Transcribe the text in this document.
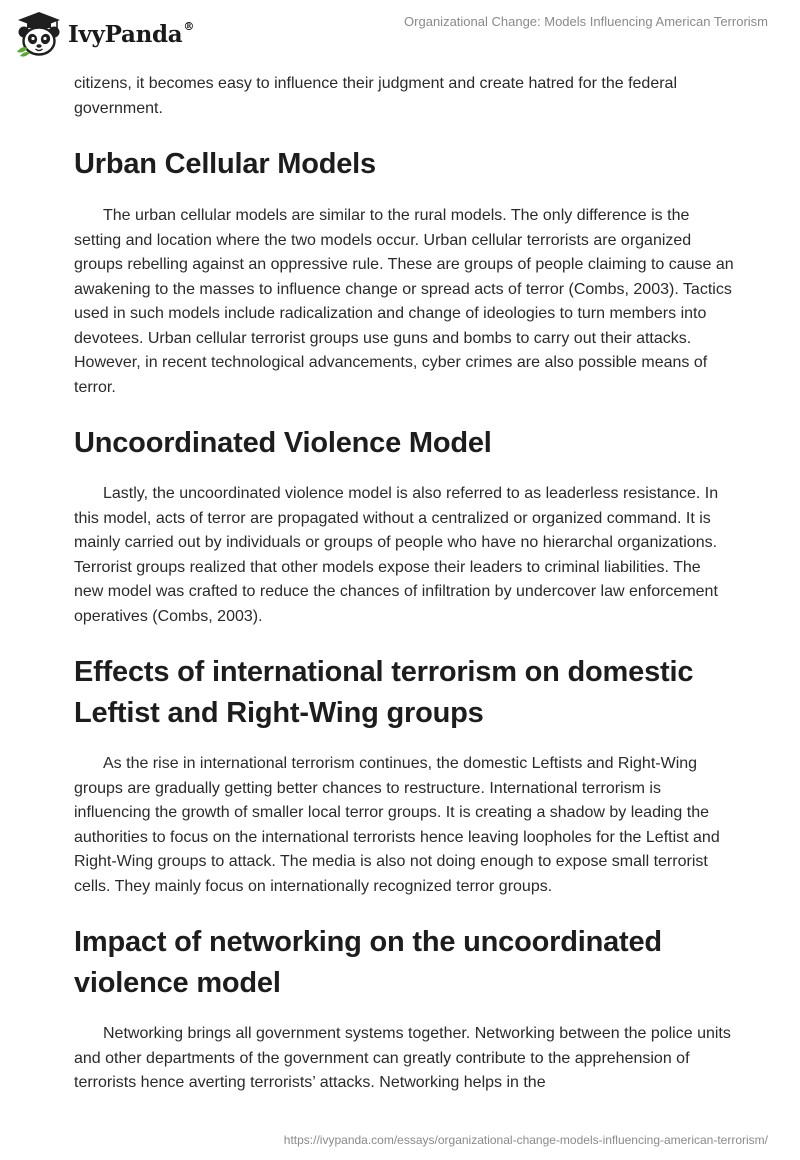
IvyPanda®	Organizational Change: Models Influencing American Terrorism

citizens, it becomes easy to influence their judgment and create hatred for the federal government.

Urban Cellular Models

The urban cellular models are similar to the rural models. The only difference is the setting and location where the two models occur. Urban cellular terrorists are organized groups rebelling against an oppressive rule. These are groups of people claiming to cause an awakening to the masses to influence change or spread acts of terror (Combs, 2003). Tactics used in such models include radicalization and change of ideologies to turn members into devotees. Urban cellular terrorist groups use guns and bombs to carry out their attacks. However, in recent technological advancements, cyber crimes are also possible means of terror.

Uncoordinated Violence Model

Lastly, the uncoordinated violence model is also referred to as leaderless resistance. In this model, acts of terror are propagated without a centralized or organized command. It is mainly carried out by individuals or groups of people who have no hierarchal organizations. Terrorist groups realized that other models expose their leaders to criminal liabilities. The new model was crafted to reduce the chances of infiltration by undercover law enforcement operatives (Combs, 2003).

Effects of international terrorism on domestic Leftist and Right-Wing groups

As the rise in international terrorism continues, the domestic Leftists and Right-Wing groups are gradually getting better chances to restructure. International terrorism is influencing the growth of smaller local terror groups. It is creating a shadow by leading the authorities to focus on the international terrorists hence leaving loopholes for the Leftist and Right-Wing groups to attack. The media is also not doing enough to expose small terrorist cells. They mainly focus on internationally recognized terror groups.

Impact of networking on the uncoordinated violence model

Networking brings all government systems together. Networking between the police units and other departments of the government can greatly contribute to the apprehension of terrorists hence averting terrorists’ attacks. Networking helps in the

https://ivypanda.com/essays/organizational-change-models-influencing-american-terrorism/
